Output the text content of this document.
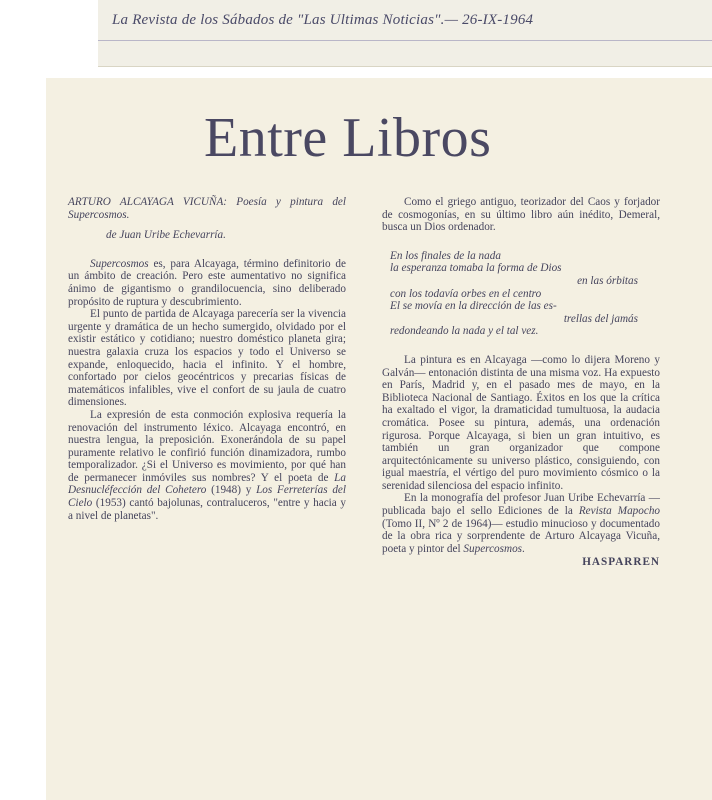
La Revista de los Sábados de "Las Ultimas Noticias".— 26-IX-1964
Entre Libros

ARTURO ALCAYAGA VICUÑA: Poesía y pintura del Supercosmos.

de Juan Uribe Echevarría.

Supercosmos es, para Alcayaga, término definitorio de un ámbito de creación. Pero este aumentativo no significa ánimo de gigantismo o grandilocuencia, sino deliberado propósito de ruptura y descubrimiento.

El punto de partida de Alcayaga parecería ser la vivencia urgente y dramática de un hecho sumergido, olvidado por el existir estático y cotidiano; nuestro doméstico planeta gira; nuestra galaxia cruza los espacios y todo el Universo se expande, enloquecido, hacia el infinito. Y el hombre, confortado por cielos geocéntricos y precarias físicas de matemáticos infalibles, vive el confort de su jaula de cuatro dimensiones.

La expresión de esta conmoción explosiva requería la renovación del instrumento léxico. Alcayaga encontró, en nuestra lengua, la preposición. Exonerándola de su papel puramente relativo le confirió función dinamizadora, rumbo temporalizador. ¿Si el Universo es movimiento, por qué han de permanecer inmóviles sus nombres? Y el poeta de La Desnucléfección del Cohetero (1948) y Los Ferreterías del Cielo (1953) cantó bajolunas, contraluceros, "entre y hacia y a nivel de planetas".

Como el griego antiguo, teorizador del Caos y forjador de cosmogonías, en su último libro aún inédito, Demeral, busca un Dios ordenador.

En los finales de la nada
la esperanza tomaba la forma de Dios
en las órbitas
con los todavía orbes en el centro
El se movía en la dirección de las es-
trellas del jamás
redondeando la nada y el tal vez.

La pintura es en Alcayaga —como lo dijera Moreno y Galván— entonación distinta de una misma voz. Ha expuesto en París, Madrid y, en el pasado mes de mayo, en la Biblioteca Nacional de Santiago. Éxitos en los que la crítica ha exaltado el vigor, la dramaticidad tumultuosa, la audacia cromática. Posee su pintura, además, una ordenación rigurosa. Porque Alcayaga, si bien un gran intuitivo, es también un gran organizador que compone arquitectónicamente su universo plástico, consiguiendo, con igual maestría, el vértigo del puro movimiento cósmico o la serenidad silenciosa del espacio infinito.

En la monografía del profesor Juan Uribe Echevarría —publicada bajo el sello Ediciones de la Revista Mapocho (Tomo II, Nº 2 de 1964)— estudio minucioso y documentado de la obra rica y sorprendente de Arturo Alcayaga Vicuña, poeta y pintor del Supercosmos.

HASPARREN
